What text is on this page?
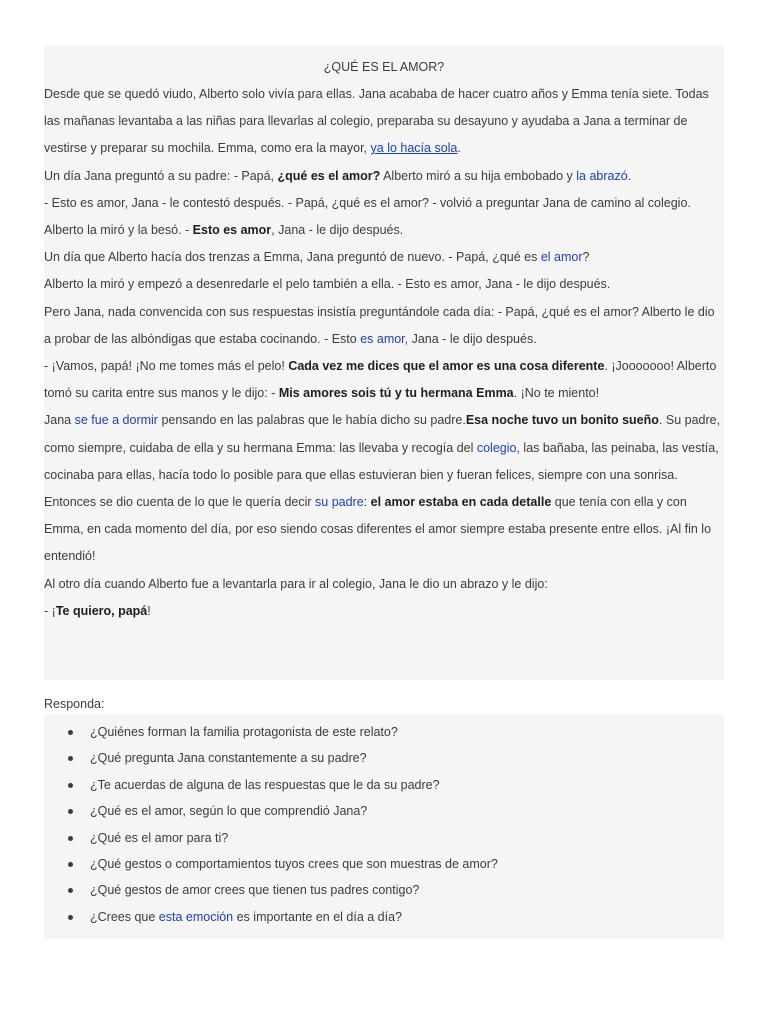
¿QUÉ ES EL AMOR?

Desde que se quedó viudo, Alberto solo vivía para ellas. Jana acababa de hacer cuatro años y Emma tenía siete. Todas las mañanas levantaba a las niñas para llevarlas al colegio, preparaba su desayuno y ayudaba a Jana a terminar de vestirse y preparar su mochila. Emma, como era la mayor, ya lo hacía sola.

Un día Jana preguntó a su padre: - Papá, ¿qué es el amor? Alberto miró a su hija embobado y la abrazó.

- Esto es amor, Jana - le contestó después. - Papá, ¿qué es el amor? - volvió a preguntar Jana de camino al colegio. Alberto la miró y la besó. - Esto es amor, Jana - le dijo después.

Un día que Alberto hacía dos trenzas a Emma, Jana preguntó de nuevo. - Papá, ¿qué es el amor?

Alberto la miró y empezó a desenredarle el pelo también a ella. - Esto es amor, Jana - le dijo después.

Pero Jana, nada convencida con sus respuestas insistía preguntándole cada día: - Papá, ¿qué es el amor? Alberto le dio a probar de las albóndigas que estaba cocinando. - Esto es amor, Jana - le dijo después.

- ¡Vamos, papá! ¡No me tomes más el pelo! Cada vez me dices que el amor es una cosa diferente. ¡Jooooooo! Alberto tomó su carita entre sus manos y le dijo: - Mis amores sois tú y tu hermana Emma. ¡No te miento!

Jana se fue a dormir pensando en las palabras que le había dicho su padre.Esa noche tuvo un bonito sueño. Su padre, como siempre, cuidaba de ella y su hermana Emma: las llevaba y recogía del colegio, las bañaba, las peinaba, las vestía, cocinaba para ellas, hacía todo lo posible para que ellas estuvieran bien y fueran felices, siempre con una sonrisa.

Entonces se dio cuenta de lo que le quería decir su padre: el amor estaba en cada detalle que tenía con ella y con Emma, en cada momento del día, por eso siendo cosas diferentes el amor siempre estaba presente entre ellos. ¡Al fin lo entendió!

Al otro día cuando Alberto fue a levantarla para ir al colegio, Jana le dio un abrazo y le dijo:

- ¡Te quiero, papá!

Responda:

¿Quiénes forman la familia protagonista de este relato?
¿Qué pregunta Jana constantemente a su padre?
¿Te acuerdas de alguna de las respuestas que le da su padre?
¿Qué es el amor, según lo que comprendió Jana?
¿Qué es el amor para ti?
¿Qué gestos o comportamientos tuyos crees que son muestras de amor?
¿Qué gestos de amor crees que tienen tus padres contigo?
¿Crees que esta emoción es importante en el día a día?
